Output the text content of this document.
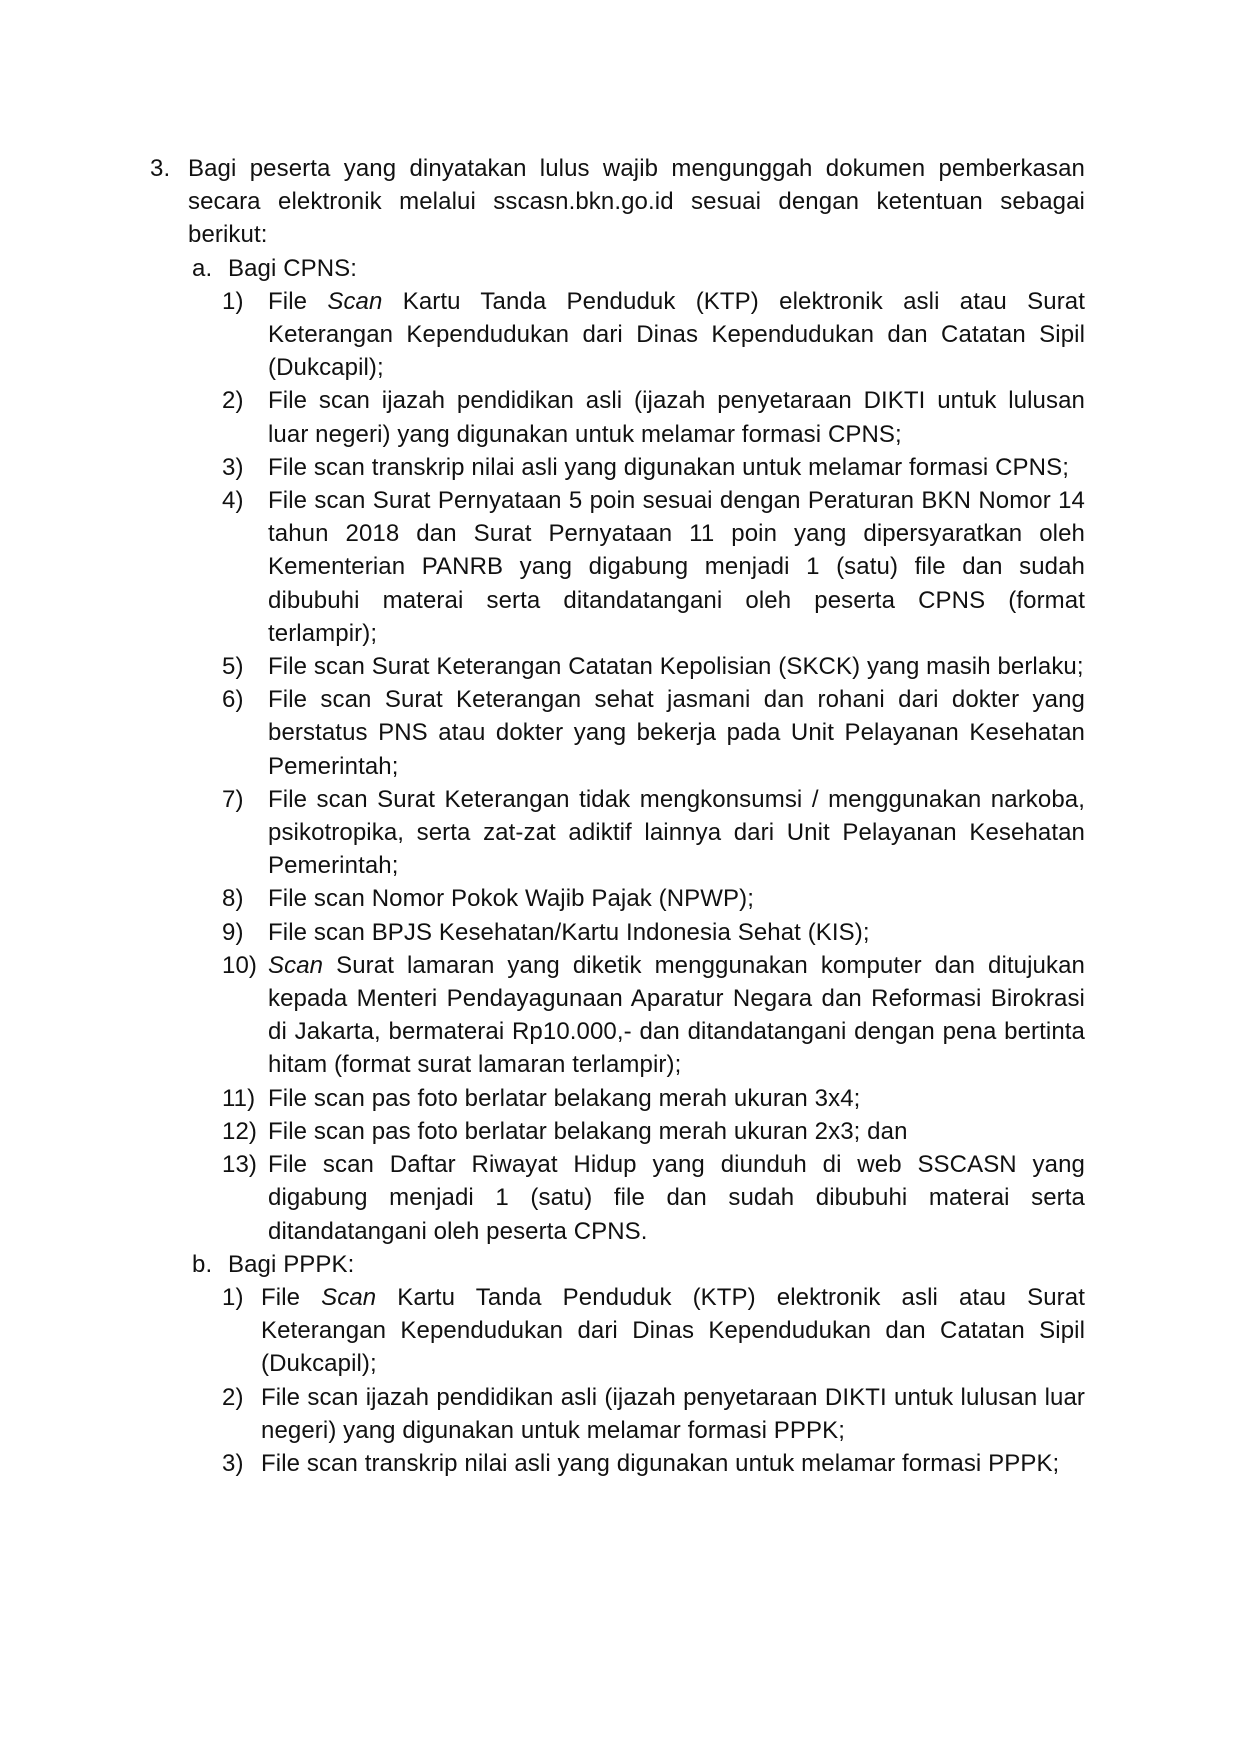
3. Bagi peserta yang dinyatakan lulus wajib mengunggah dokumen pemberkasan secara elektronik melalui sscasn.bkn.go.id sesuai dengan ketentuan sebagai berikut:
a. Bagi CPNS:
1)	File Scan Kartu Tanda Penduduk (KTP) elektronik asli atau Surat Keterangan Kependudukan dari Dinas Kependudukan dan Catatan Sipil (Dukcapil);
2)	File scan ijazah pendidikan asli (ijazah penyetaraan DIKTI untuk lulusan luar negeri) yang digunakan untuk melamar formasi CPNS;
3)	File scan transkrip nilai asli yang digunakan untuk melamar formasi CPNS;
4)	File scan Surat Pernyataan 5 poin sesuai dengan Peraturan BKN Nomor 14 tahun 2018 dan Surat Pernyataan 11 poin yang dipersyaratkan oleh Kementerian PANRB yang digabung menjadi 1 (satu) file dan sudah dibubuhi materai serta ditandatangani oleh peserta CPNS (format terlampir);
5)	File scan Surat Keterangan Catatan Kepolisian (SKCK) yang masih berlaku;
6)	File scan Surat Keterangan sehat jasmani dan rohani dari dokter yang berstatus PNS atau dokter yang bekerja pada Unit Pelayanan Kesehatan Pemerintah;
7)	File scan Surat Keterangan tidak mengkonsumsi / menggunakan narkoba, psikotropika, serta zat-zat adiktif lainnya dari Unit Pelayanan Kesehatan Pemerintah;
8)	File scan Nomor Pokok Wajib Pajak (NPWP);
9)	File scan BPJS Kesehatan/Kartu Indonesia Sehat (KIS);
10) Scan Surat lamaran yang diketik menggunakan komputer dan ditujukan kepada Menteri Pendayagunaan Aparatur Negara dan Reformasi Birokrasi di Jakarta, bermaterai Rp10.000,- dan ditandatangani dengan pena bertinta hitam (format surat lamaran terlampir);
11) File scan pas foto berlatar belakang merah ukuran 3x4;
12) File scan pas foto berlatar belakang merah ukuran 2x3; dan
13) File scan Daftar Riwayat Hidup yang diunduh di web SSCASN yang digabung menjadi 1 (satu) file dan sudah dibubuhi materai serta ditandatangani oleh peserta CPNS.
b. Bagi PPPK:
1) File Scan Kartu Tanda Penduduk (KTP) elektronik asli atau Surat Keterangan Kependudukan dari Dinas Kependudukan dan Catatan Sipil (Dukcapil);
2) File scan ijazah pendidikan asli (ijazah penyetaraan DIKTI untuk lulusan luar negeri) yang digunakan untuk melamar formasi PPPK;
3) File scan transkrip nilai asli yang digunakan untuk melamar formasi PPPK;
